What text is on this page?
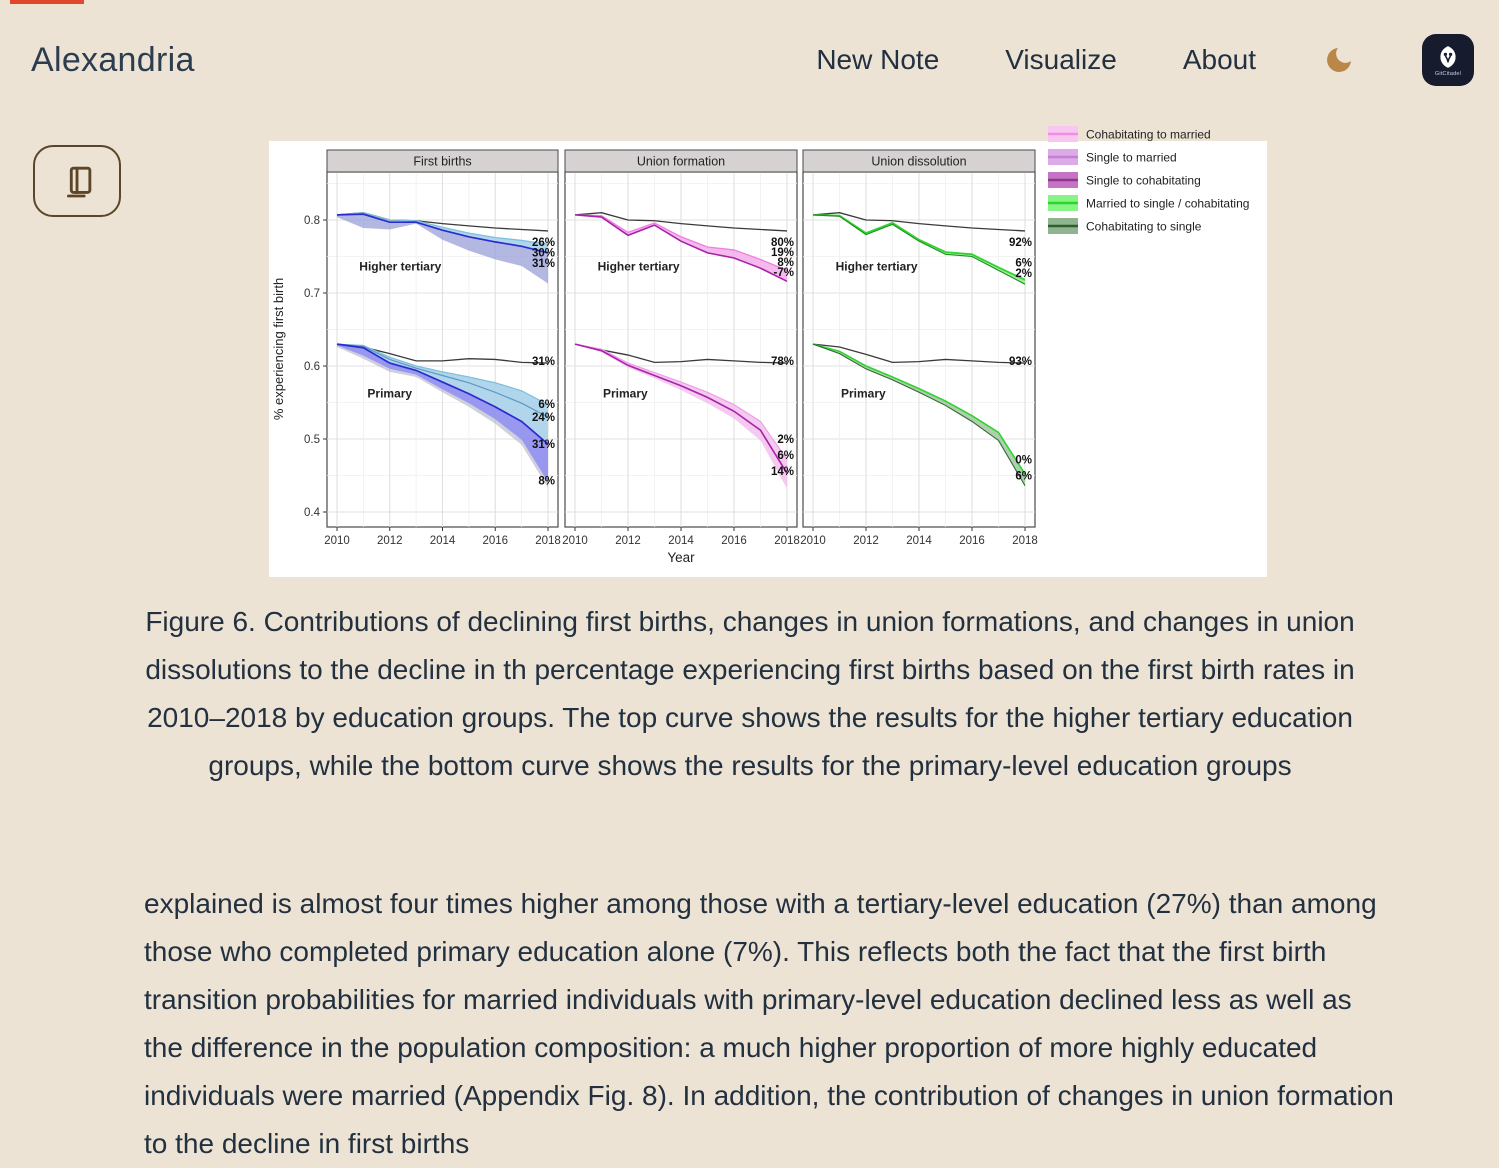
Alexandria	New Note Visualize About	GitCitadel
First births
Higher tertiary
26%
30%
31%
Primary
31%
6%
24%
31%
8%
2010 2012 2014 2016 2018
0.4
0.5
0.6
0.7
0.8
Union formation
Higher tertiary
80%
19%
8%
-7%
Primary
78%
2%
6%
14%
2010 2012 2014 2016 2018
Union dissolution
Higher tertiary
92%
6%
2%
Primary
93%
0%
6%
2010 2012 2014 2016 2018
% experiencing first birth
Year
Cohabitating to married
Single to married
Single to cohabitating
Married to single / cohabitating
Cohabitating to single
Figure 6. Contributions of declining first births, changes in union formations, and changes in union dissolutions to the decline in th percentage experiencing first births based on the first birth rates in 2010–2018 by education groups. The top curve shows the results for the higher tertiary education groups, while the bottom curve shows the results for the primary-level education groups
explained is almost four times higher among those with a tertiary-level education (27%) than among those who completed primary education alone (7%). This reflects both the fact that the first birth transition probabilities for married individuals with primary-level education declined less as well as the difference in the population composition: a much higher proportion of more highly educated individuals were married (Appendix Fig. 8). In addition, the contribution of changes in union formation to the decline in first births
